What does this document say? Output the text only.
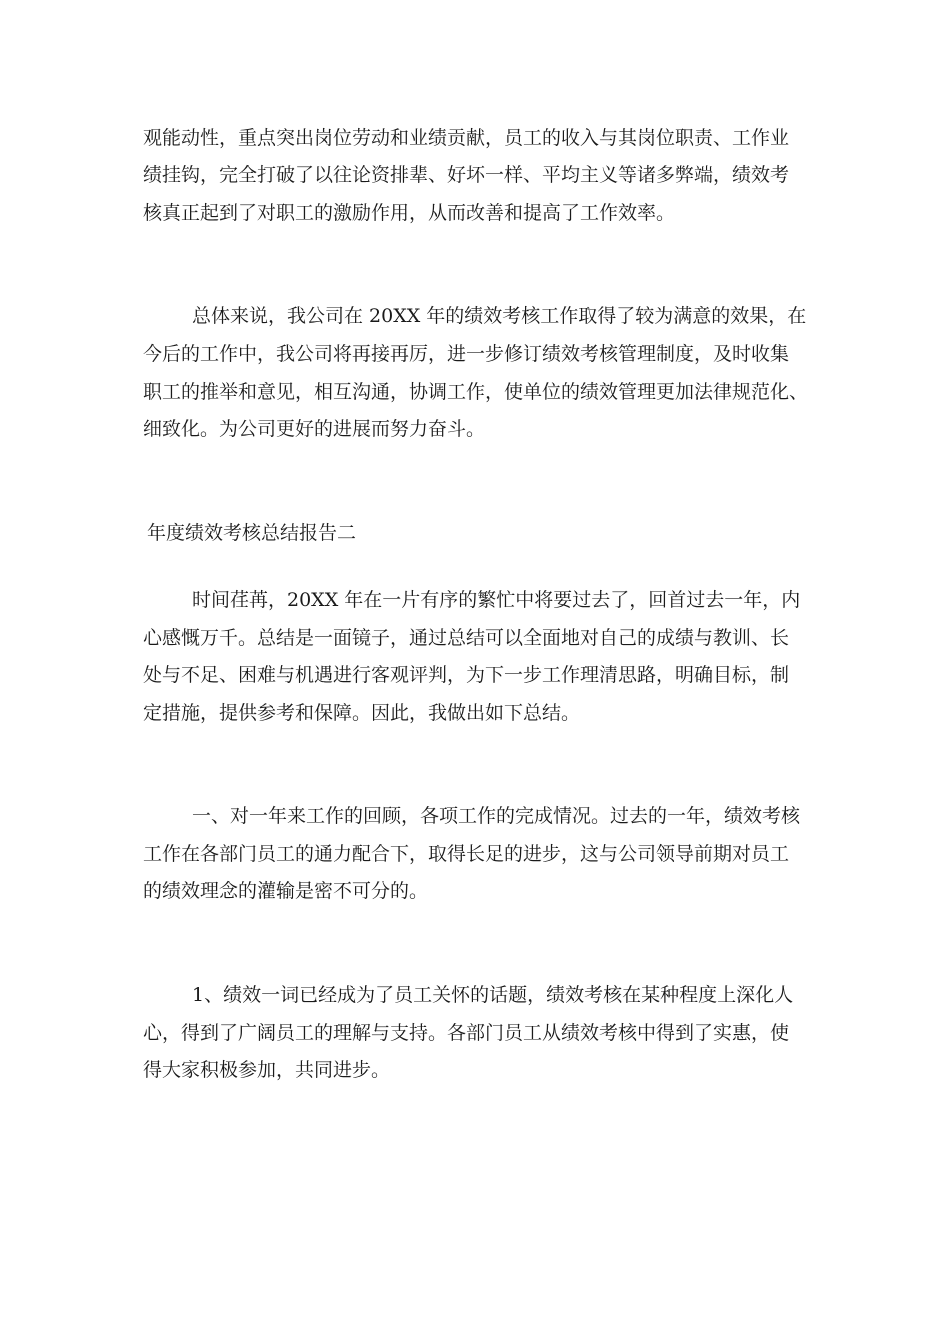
观能动性，重点突出岗位劳动和业绩贡献，员工的收入与其岗位职责、工作业
绩挂钩，完全打破了以往论资排辈、好坏一样、平均主义等诸多弊端，绩效考
核真正起到了对职工的激励作用，从而改善和提高了工作效率。
总体来说，我公司在 20XX 年的绩效考核工作取得了较为满意的效果，在
今后的工作中，我公司将再接再厉，进一步修订绩效考核管理制度，及时收集
职工的推举和意见，相互沟通，协调工作，使单位的绩效管理更加法律规范化、
细致化。为公司更好的进展而努力奋斗。
年度绩效考核总结报告二
时间荏苒，20XX 年在一片有序的繁忙中将要过去了，回首过去一年，内
心感慨万千。总结是一面镜子，通过总结可以全面地对自己的成绩与教训、长
处与不足、困难与机遇进行客观评判，为下一步工作理清思路，明确目标，制
定措施，提供参考和保障。因此，我做出如下总结。
一、对一年来工作的回顾，各项工作的完成情况。过去的一年，绩效考核
工作在各部门员工的通力配合下，取得长足的进步，这与公司领导前期对员工
的绩效理念的灌输是密不可分的。
1、绩效一词已经成为了员工关怀的话题，绩效考核在某种程度上深化人
心，得到了广阔员工的理解与支持。各部门员工从绩效考核中得到了实惠，使
得大家积极参加，共同进步。
